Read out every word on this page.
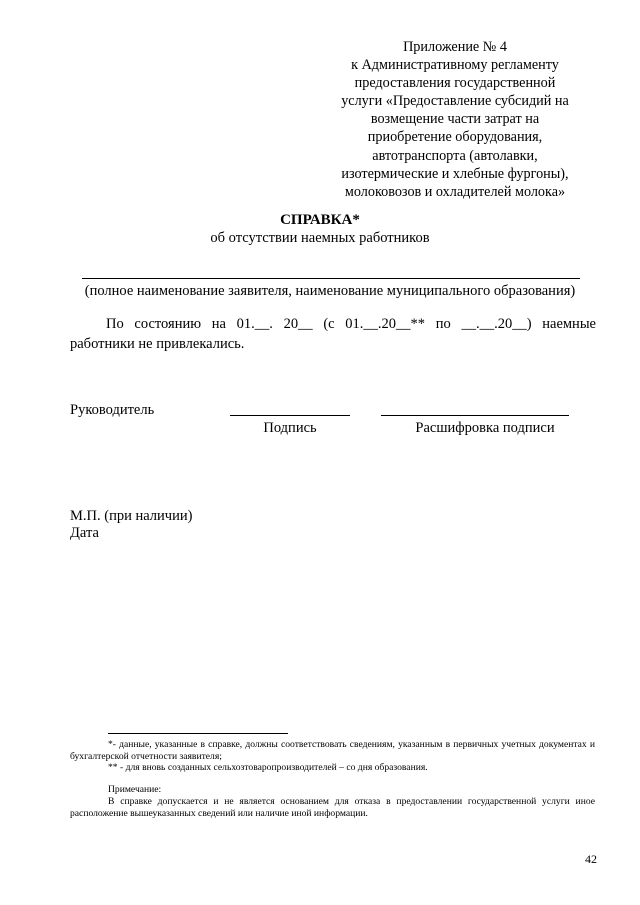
Приложение № 4
к Административному регламенту
предоставления государственной
услуги «Предоставление субсидий на
возмещение части затрат на
приобретение оборудования,
автотранспорта (автолавки,
изотермические и хлебные фургоны),
молоковозов и охладителей молока»
СПРАВКА*
об отсутствии наемных работников
(полное наименование заявителя, наименование муниципального образования)
По состоянию на 01.__. 20__ (с 01.__.20__** по __.__.20__) наемные
работники не привлекались.
Руководитель
Подпись	Расшифровка подписи
М.П. (при наличии)
Дата
*- данные, указанные в справке, должны соответствовать сведениям, указанным в первичных учетных документах и бухгалтерской отчетности заявителя;
** - для вновь созданных сельхозтоваропроизводителей – со дня образования.
Примечание:
В справке допускается и не является основанием для отказа в предоставлении государственной услуги иное расположение вышеуказанных сведений или наличие иной информации.
42
